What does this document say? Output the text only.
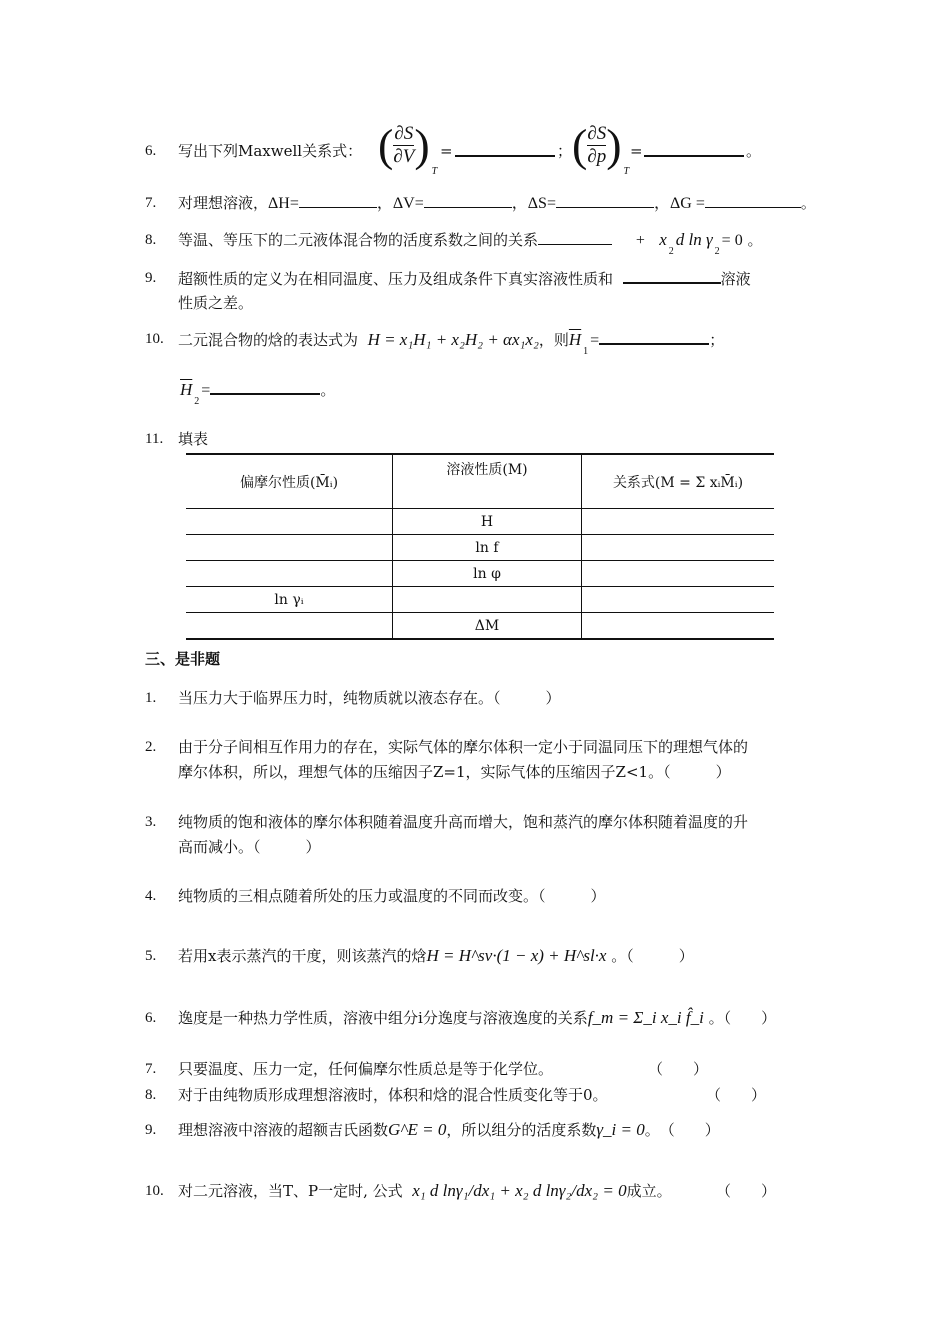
6. 写出下列Maxwell关系式： ( $\frac{\partial S}{\partial V} )_T$
=	； ( $\frac{\partial S}{\partial p} )_T$
=	。
7. 对理想溶液，ΔH=	，ΔV=	，ΔS=	，ΔG =	。
8. 等温、等压下的二元液体混合物的活度系数之间的关系	+ $x_2d$ $\ln \gamma_2= 0$ 。
9. 超额性质的定义为在相同温度、压力及组成条件下真实溶液性质和	溶液
性质之差。
10. 二元混合物的焓的表达式为 H = x₁H₁ + x₂H₂ + αx₁x₂，则$\overline{H}_1=$	；
$\overline{H}_2=$	。
11. 填表
偏摩尔性质(M̄ᵢ)	溶液性质(M)	关系式(M = Σ xᵢM̄ᵢ)
	H	
	ln f	
	ln φ	
ln γᵢ		
	ΔM	
三、是非题
1. 当压力大于临界压力时，纯物质就以液态存在。（　　　）
2. 由于分子间相互作用力的存在，实际气体的摩尔体积一定小于同温同压下的理想气体的
摩尔体积，所以，理想气体的压缩因子Z=1，实际气体的压缩因子Z<1。（　　　）
3. 纯物质的饱和液体的摩尔体积随着温度升高而增大，饱和蒸汽的摩尔体积随着温度的升
高而减小。（　　　）
4. 纯物质的三相点随着所处的压力或温度的不同而改变。（　　　）
5. 若用x表示蒸汽的干度，则该蒸汽的焓H = H^sv·(1 − x) + H^sl·x 。（　　　）
6. 逸度是一种热力学性质，溶液中组分i分逸度与溶液逸度的关系f_m = Σ_i x_i f̂_i 。（　　）
7. 只要温度、压力一定，任何偏摩尔性质总是等于化学位。	（　　）
8. 对于由纯物质形成理想溶液时，体积和焓的混合性质变化等于0。	（　　）
9. 理想溶液中溶液的超额吉氏函数G^E = 0，所以组分的活度系数γ_i = 0。　（　　）
10. 对二元溶液，当T、P一定时, 公式 x₁ d lnγ₁/dx₁ + x₂ d lnγ₂/dx₂ = 0成立。	（　　）
